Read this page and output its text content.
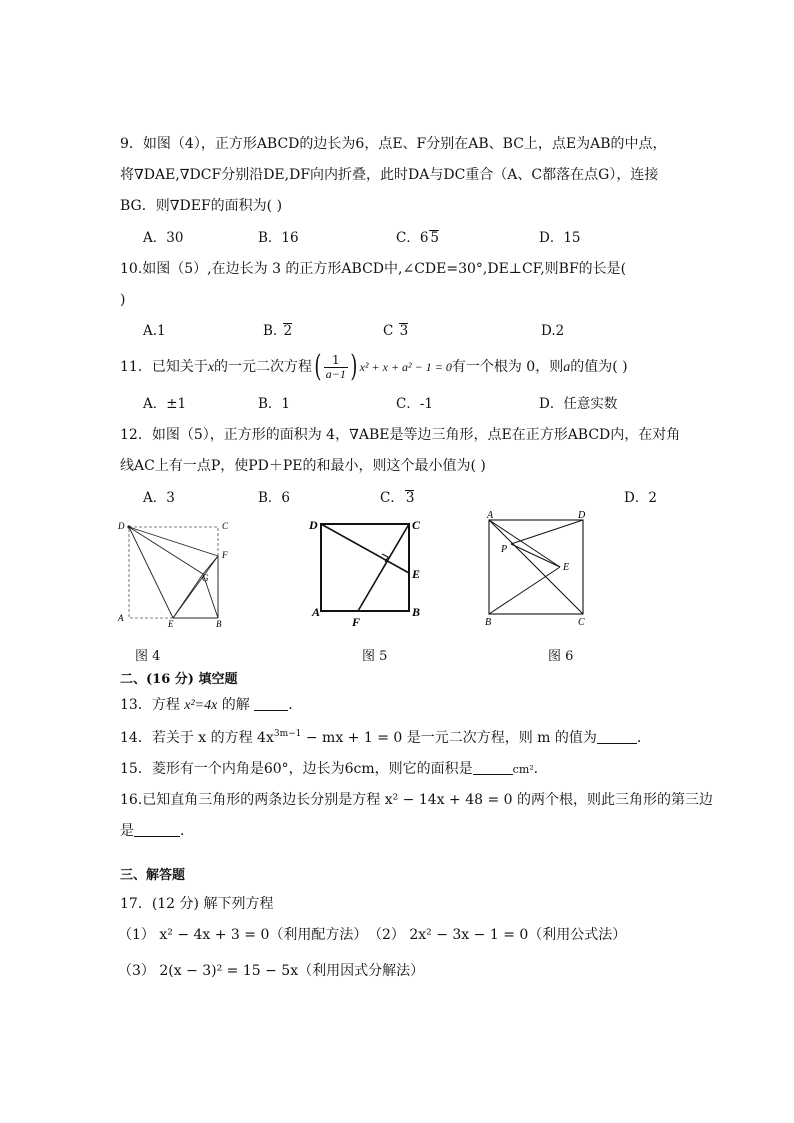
9．如图（4），正方形ABCD的边长为6，点E、F分别在AB、BC上，点E为AB的中点，
将∇DAE,∇DCF分别沿DE,DF向内折叠，此时DA与DC重合（A、C都落在点G），连接
BG．则∇DEF的面积为( )
A．30	B．16	C．6 5	D．15
10.如图（5）,在边长为 3 的正方形ABCD中,∠CDE=30°,DE⊥CF,则BF的长是(
)
A.1	B. 2	C 3	D.2
11．已知关于x的一元二次方程( $\frac{1}{a-1}$ ) x² + x + a² − 1 = 0有一个根为 0，则a的值为( )
A．±1	B．1	C．-1	D．任意实数
12．如图（5），正方形的面积为 4，∇ABE是等边三角形，点E在正方形ABCD内，在对角
线AC上有一点P，使PD＋PE的和最小，则这个最小值为( )
A．3	B．6	C． 3	D．2
D	C
F
G
A
E	B
D	C
E
A	B
F
A	D
P
E
B	C
图 4	图 5	图 6
二、(16 分) 填空题
13．方程 x²=4x 的解	.
14．若关于 x 的方程 $4x^{3m-1}$ − mx + 1 = 0 是一元二次方程，则 m 的值为	.
15．菱形有一个内角是60°，边长为6cm，则它的面积是	cm².
16.已知直角三角形的两条边长分别是方程 x² − 14x + 48 = 0 的两个根，则此三角形的第三边
是	.
三、解答题
17．(12 分) 解下列方程
（1） x² − 4x + 3 = 0（利用配方法） （2） 2x² − 3x − 1 = 0（利用公式法）
（3） 2(x − 3)² = 15 − 5x（利用因式分解法）
